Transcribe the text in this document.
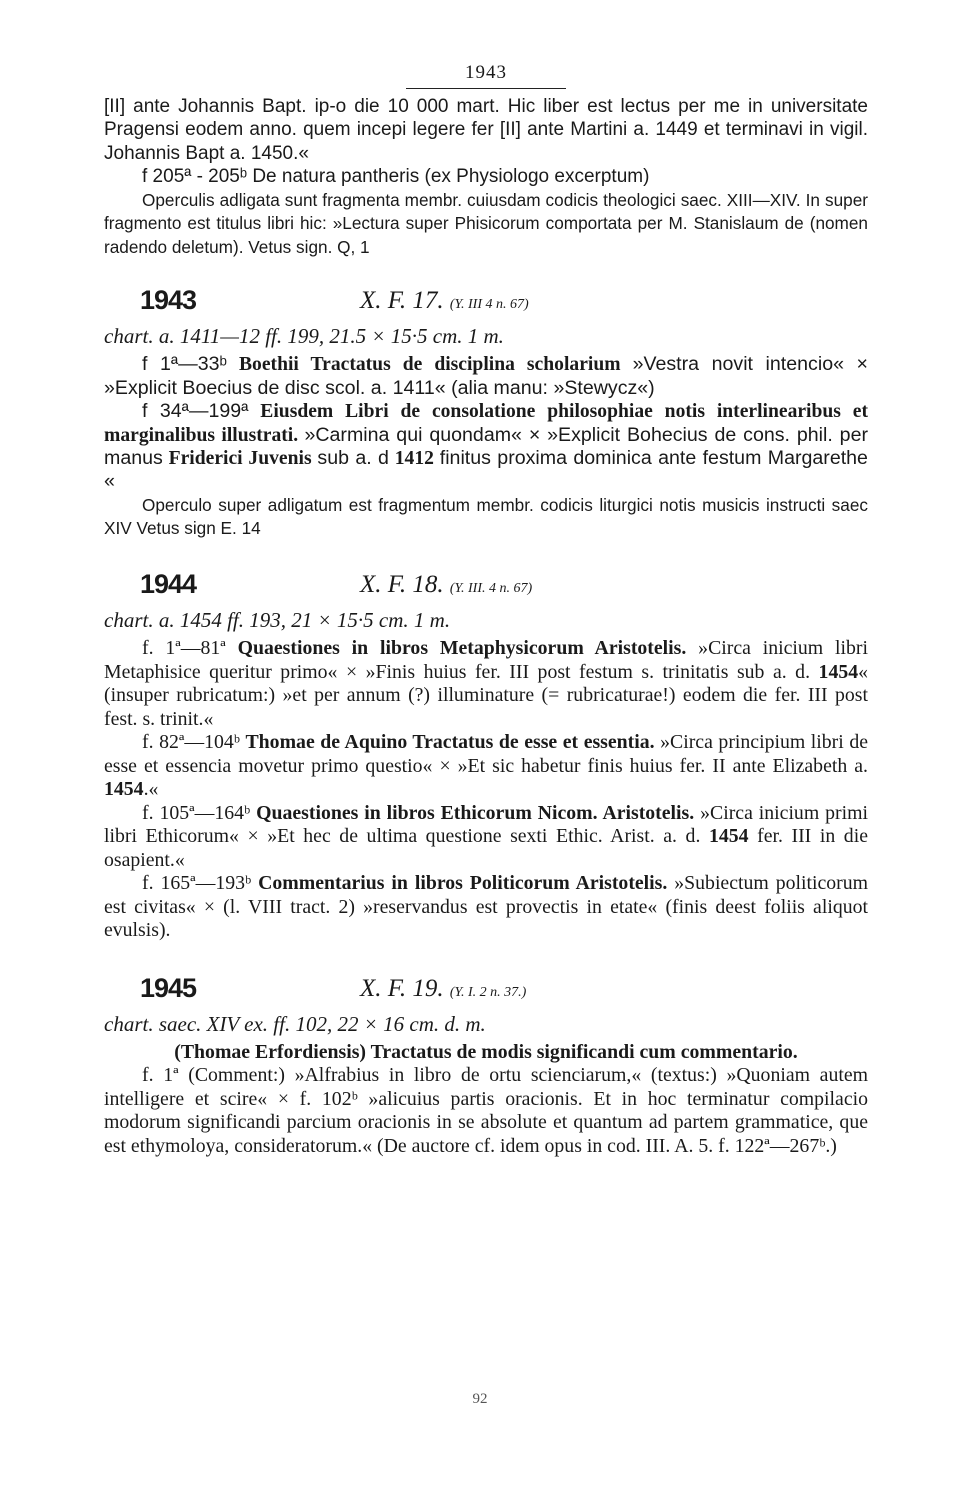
1943

[II] ante Johannis Bapt. ip-o die 10 000 mart. Hic liber est lectus per me in universitate Pragensi eodem anno. quem incepi legere fer [II] ante Martini a. 1449 et terminavi in vigil. Johannis Bapt a. 1450.«

f 205ª - 205ᵇ De natura pantheris (ex Physiologo excerptum)

Operculis adligata sunt fragmenta membr. cuiusdam codicis theologici saec. XIII—XIV. In super fragmento est titulus libri hic: »Lectura super Phisicorum comportata per M. Stanislaum de (nomen radendo deletum). Vetus sign. Q, 1

1943	X. F. 17. (Y. III 4 n. 67)

chart. a. 1411—12 ff. 199, 21.5 × 15·5 cm. 1 m.

f 1ª—33ᵇ Boethii Tractatus de disciplina scholarium »Vestra novit intencio« × »Explicit Boecius de disc scol. a. 1411« (alia manu: »Stewycz«)

f 34ª—199ª Eiusdem Libri de consolatione philosophiae notis interlinearibus et marginalibus illustrati. »Carmina qui quondam« × »Explicit Bohecius de cons. phil. per manus Friderici Juvenis sub a. d 1412 finitus proxima dominica ante festum Margarethe «

Operculo super adligatum est fragmentum membr. codicis liturgici notis musicis instructi saec XIV Vetus sign E. 14

1944	X. F. 18. (Y. III. 4 n. 67)

chart. a. 1454 ff. 193, 21 × 15·5 cm. 1 m.

f. 1ª—81ª Quaestiones in libros Metaphysicorum Aristotelis. »Circa inicium libri Metaphisice queritur primo« × »Finis huius fer. III post festum s. trinitatis sub a. d. 1454« (insuper rubricatum:) »et per annum (?) illuminature (= rubricaturae!) eodem die fer. III post fest. s. trinit.«

f. 82ª—104ᵇ Thomae de Aquino Tractatus de esse et essentia. »Circa principium libri de esse et essencia movetur primo questio« × »Et sic habetur finis huius fer. II ante Elizabeth a. 1454.«

f. 105ª—164ᵇ Quaestiones in libros Ethicorum Nicom. Aristotelis. »Circa inicium primi libri Ethicorum« × »Et hec de ultima questione sexti Ethic. Arist. a. d. 1454 fer. III in die osapient.«

f. 165ª—193ᵇ Commentarius in libros Politicorum Aristotelis. »Subiectum politicorum est civitas« × (l. VIII tract. 2) »reservandus est provectis in etate« (finis deest foliis aliquot evulsis).

1945	X. F. 19. (Y. I. 2 n. 37.)

chart. saec. XIV ex. ff. 102, 22 × 16 cm. d. m.

(Thomae Erfordiensis) Tractatus de modis significandi cum commentario.

f. 1ª (Comment:) »Alfrabius in libro de ortu scienciarum,« (textus:) »Quoniam autem intelligere et scire« × f. 102ᵇ »alicuius partis oracionis. Et in hoc terminatur compilacio modorum significandi parcium oracionis in se absolute et quantum ad partem grammatice, que est ethymoloya, consideratorum.« (De auctore cf. idem opus in cod. III. A. 5. f. 122ª—267ᵇ.)

92
